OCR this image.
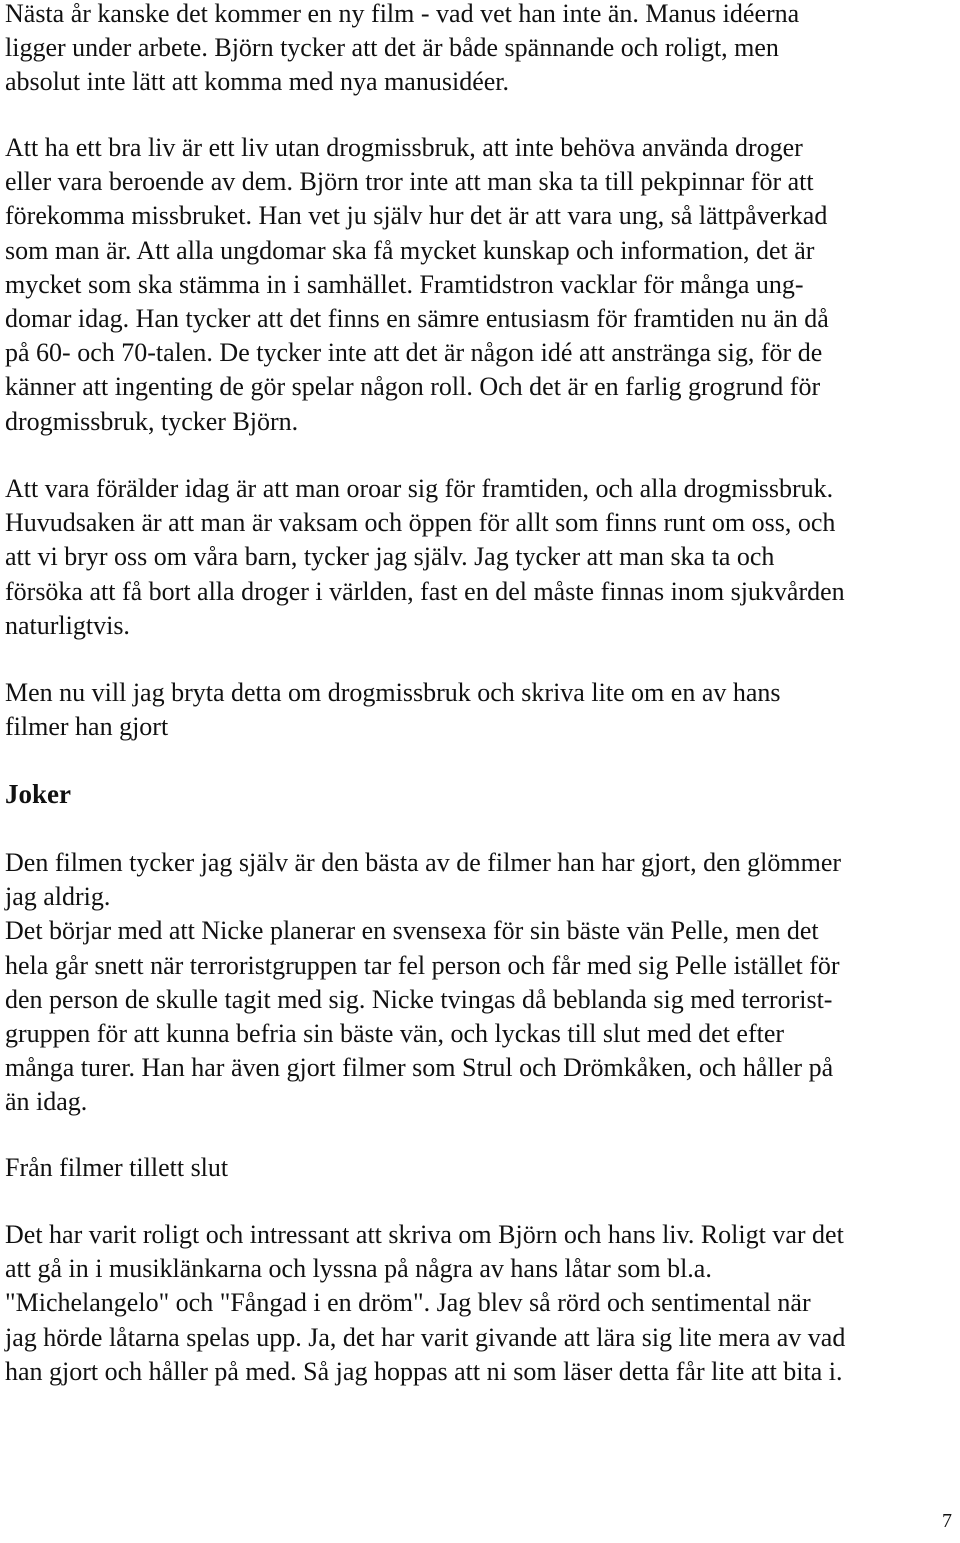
Nästa år kanske det kommer en ny film - vad vet han inte än. Manus idéerna
ligger under arbete. Björn tycker att det är både spännande och roligt, men
absolut inte lätt att komma med nya manusidéer.
Att ha ett bra liv är ett liv utan drogmissbruk, att inte behöva använda droger
eller vara beroende av dem. Björn tror inte att man ska ta till pekpinnar för att
förekomma missbruket. Han vet ju själv hur det är att vara ung, så lättpåverkad
som man är. Att alla ungdomar ska få mycket kunskap och information, det är
mycket som ska stämma in i samhället. Framtidstron vacklar för många ung-
domar idag. Han tycker att det finns en sämre entusiasm för framtiden nu än då
på 60- och 70-talen. De tycker inte att det är någon idé att anstränga sig, för de
känner att ingenting de gör spelar någon roll. Och det är en farlig grogrund för
drogmissbruk, tycker Björn.
Att vara förälder idag är att man oroar sig för framtiden, och alla drogmissbruk.
Huvudsaken är att man är vaksam och öppen för allt som finns runt om oss, och
att vi bryr oss om våra barn, tycker jag själv. Jag tycker att man ska ta och
försöka att få bort alla droger i världen, fast en del måste finnas inom sjukvården
naturligtvis.
Men nu vill jag bryta detta om drogmissbruk och skriva lite om en av hans
filmer han gjort
Joker
Den filmen tycker jag själv är den bästa av de filmer han har gjort, den glömmer
jag aldrig.
Det börjar med att Nicke planerar en svensexa för sin bäste vän Pelle, men det
hela går snett när terroristgruppen tar fel person och får med sig Pelle istället för
den person de skulle tagit med sig. Nicke tvingas då beblanda sig med terrorist-
gruppen för att kunna befria sin bäste vän, och lyckas till slut med det efter
många turer. Han har även gjort filmer som Strul och Drömkåken, och håller på
än idag.
Från filmer tillett slut
Det har varit roligt och intressant att skriva om Björn och hans liv. Roligt var det
att gå in i musiklänkarna och lyssna på några av hans låtar som bl.a.
"Michelangelo" och "Fångad i en dröm". Jag blev så rörd och sentimental när
jag hörde låtarna spelas upp. Ja, det har varit givande att lära sig lite mera av vad
han gjort och håller på med. Så jag hoppas att ni som läser detta får lite att bita i.
7
